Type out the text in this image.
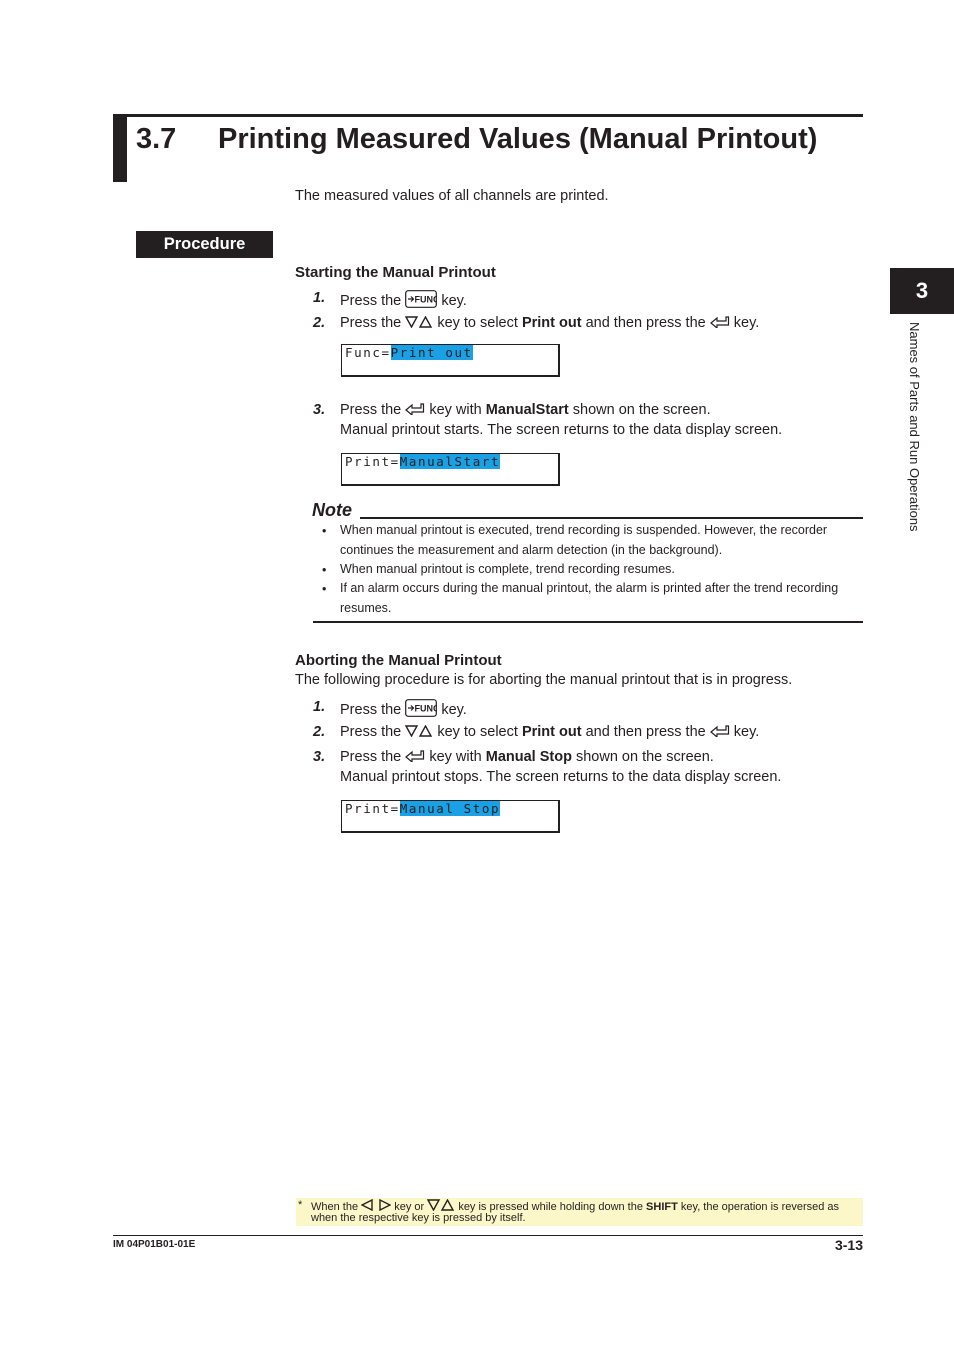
3.7 Printing Measured Values (Manual Printout)
The measured values of all channels are printed.
Procedure
3
Names of Parts and Run Operations
Starting the Manual Printout
1. Press the	key.
2. Press the key to select Print out and then press the key.
Func=Print out
3. Press the key with ManualStart shown on the screen.
Manual printout starts. The screen returns to the data display screen.
Print=ManualStart
Note
• When manual printout is executed, trend recording is suspended. However, the recorder
continues the measurement and alarm detection (in the background).
• When manual printout is complete, trend recording resumes.
• If an alarm occurs during the manual printout, the alarm is printed after the trend recording
resumes.
Aborting the Manual Printout
The following procedure is for aborting the manual printout that is in progress.
1. Press the	key.
2. Press the key to select Print out and then press the key.
3. Press the key with Manual Stop shown on the screen.
Manual printout stops. The screen returns to the data display screen.
Print=Manual Stop
* When the	key or	key is pressed while holding down the SHIFT key, the operation is reversed as
when the respective key is pressed by itself.
IM 04P01B01-01E	3-13
